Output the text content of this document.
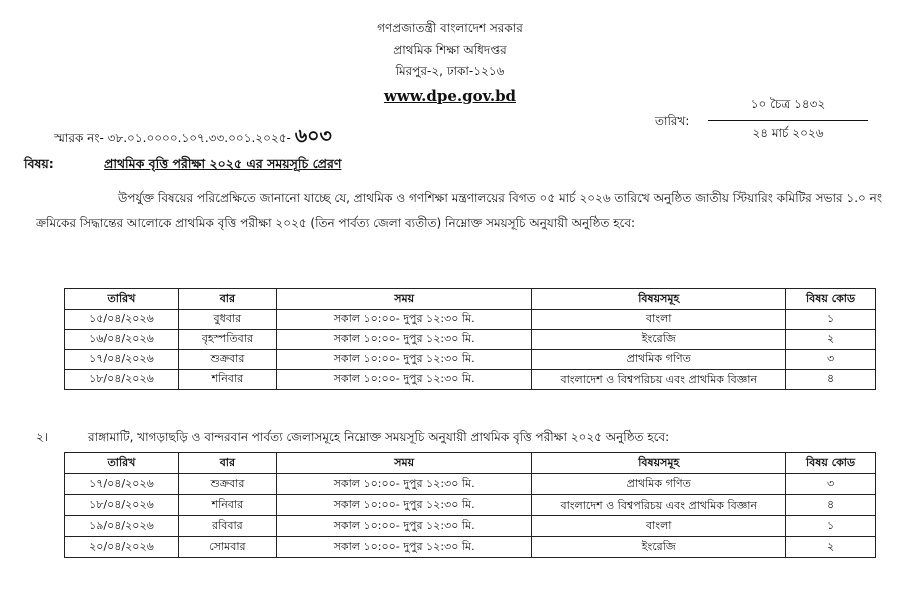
গণপ্রজাতন্ত্রী বাংলাদেশ সরকার
প্রাথমিক শিক্ষা অধিদপ্তর
মিরপুর-২, ঢাকা-১২১৬
www.dpe.gov.bd
স্মারক নং- ৩৮.০১.০০০০.১০৭.৩৩.০০১.২০২৫- ৬০৩
তারিখ:
১০ চৈত্র ১৪৩২
২৪ মার্চ ২০২৬
বিষয়:	প্রাথমিক বৃত্তি পরীক্ষা ২০২৫ এর সময়সূচি প্রেরণ
উপর্যুক্ত বিষয়ের পরিপ্রেক্ষিতে জানানো যাচ্ছে যে, প্রাথমিক ও গণশিক্ষা মন্ত্রণালয়ের বিগত ০৫ মার্চ ২০২৬ তারিখে অনুষ্ঠিত জাতীয় স্টিয়ারিং কমিটির সভার ১.০ নং ক্রমিকের সিদ্ধান্তের আলোকে প্রাথমিক বৃত্তি পরীক্ষা ২০২৫ (তিন পার্বত্য জেলা ব্যতীত) নিম্নোক্ত সময়সূচি অনুযায়ী অনুষ্ঠিত হবে:
তারিখ	বার	সময়	বিষয়সমূহ	বিষয় কোড
১৫/০৪/২০২৬	বুধবার	সকাল ১০:০০- দুপুর ১২:৩০ মি.	বাংলা	১
১৬/০৪/২০২৬	বৃহস্পতিবার	সকাল ১০:০০- দুপুর ১২:৩০ মি.	ইংরেজি	২
১৭/০৪/২০২৬	শুক্রবার	সকাল ১০:০০- দুপুর ১২:৩০ মি.	প্রাথমিক গণিত	৩
১৮/০৪/২০২৬	শনিবার	সকাল ১০:০০- দুপুর ১২:৩০ মি.	বাংলাদেশ ও বিশ্বপরিচয় এবং প্রাথমিক বিজ্ঞান	৪
২।	রাঙ্গামাটি, খাগড়াছড়ি ও বান্দরবান পার্বত্য জেলাসমূহে নিম্নোক্ত সময়সূচি অনুযায়ী প্রাথমিক বৃত্তি পরীক্ষা ২০২৫ অনুষ্ঠিত হবে:
তারিখ	বার	সময়	বিষয়সমূহ	বিষয় কোড
১৭/০৪/২০২৬	শুক্রবার	সকাল ১০:০০- দুপুর ১২:৩০ মি.	প্রাথমিক গণিত	৩
১৮/০৪/২০২৬	শনিবার	সকাল ১০:০০- দুপুর ১২:৩০ মি.	বাংলাদেশ ও বিশ্বপরিচয় এবং প্রাথমিক বিজ্ঞান	৪
১৯/০৪/২০২৬	রবিবার	সকাল ১০:০০- দুপুর ১২:৩০ মি.	বাংলা	১
২০/০৪/২০২৬	সোমবার	সকাল ১০:০০- দুপুর ১২:৩০ মি.	ইংরেজি	২
